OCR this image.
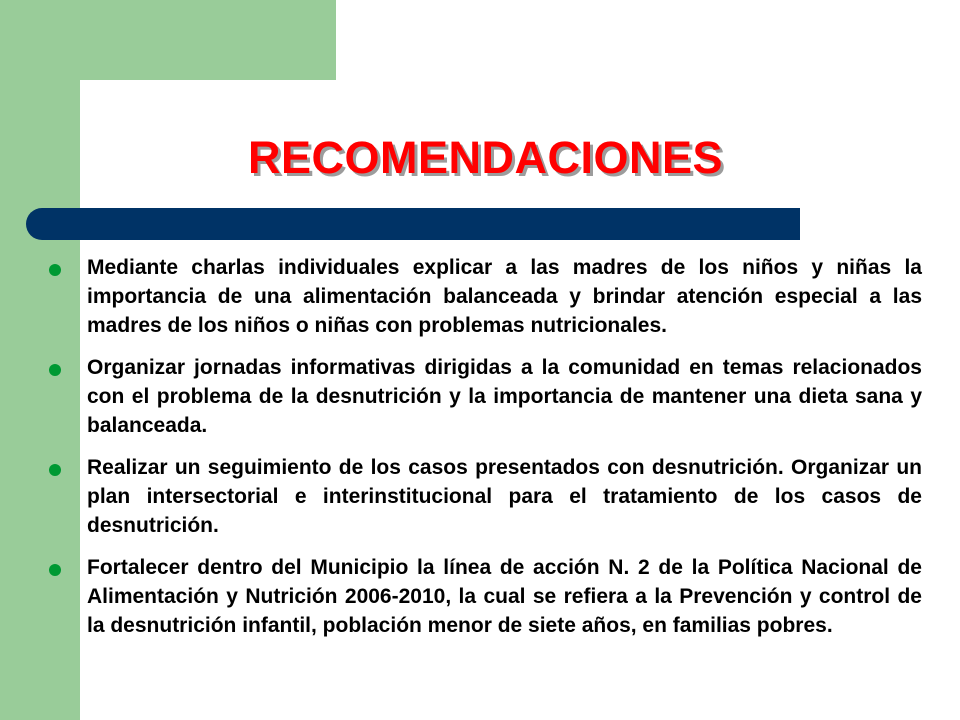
RECOMENDACIONES
Mediante charlas individuales explicar a las madres de los niños y niñas la importancia de una alimentación balanceada y brindar atención especial a las madres de los niños o niñas con problemas nutricionales.
Organizar jornadas informativas dirigidas a la comunidad en temas relacionados con el problema de la desnutrición y la importancia de mantener una dieta sana y balanceada.
Realizar un seguimiento de los casos presentados con desnutrición. Organizar un plan intersectorial e interinstitucional para el tratamiento de los casos de desnutrición.
Fortalecer dentro del Municipio la línea de acción N. 2 de la Política Nacional de Alimentación y Nutrición 2006-2010, la cual se refiera a la Prevención y control de la desnutrición infantil, población menor de siete años, en familias pobres.
